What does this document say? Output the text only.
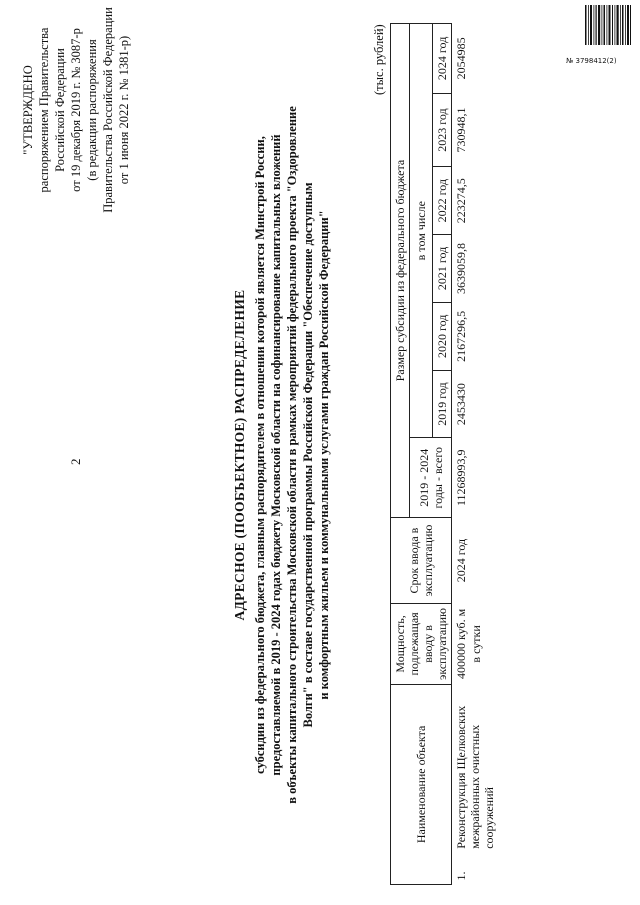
2
"УТВЕРЖДЕНО распоряжением Правительства Российской Федерации от 19 декабря 2019 г. № 3087-р (в редакции распоряжения Правительства Российской Федерации от 1 июня 2022 г. № 1381-р)
АДРЕСНОЕ (ПООБЪЕКТНОЕ) РАСПРЕДЕЛЕНИЕ субсидии из федерального бюджета, главным распорядителем в отношении которой является Минстрой России, предоставляемой в 2019 - 2024 годах бюджету Московской области на софинансирование капитальных вложений в объекты капитального строительства Московской области в рамках мероприятий федерального проекта "Оздоровление Волги" в составе государственной программы Российской Федерации "Обеспечение доступным и комфортным жильем и коммунальными услугами граждан Российской Федерации"
(тыс. рублей)
Наименование объекта		Мощность, подлежащая вводу в эксплуатацию	Срок ввода в эксплуатацию	Размер субсидии из федерального бюджета						
				2019 - 2024 годы - всего	в том числе					
					2019 год	2020 год	2021 год	2022 год	2023 год	2024 год
1.	Реконструкция Щелковских межрайонных очистных сооружений	400000 куб. м в сутки	2024 год	11268993,9	2453430	2167296,5	3639059,8	223274,5	730948,1	2054985	№ 3798412(2)
